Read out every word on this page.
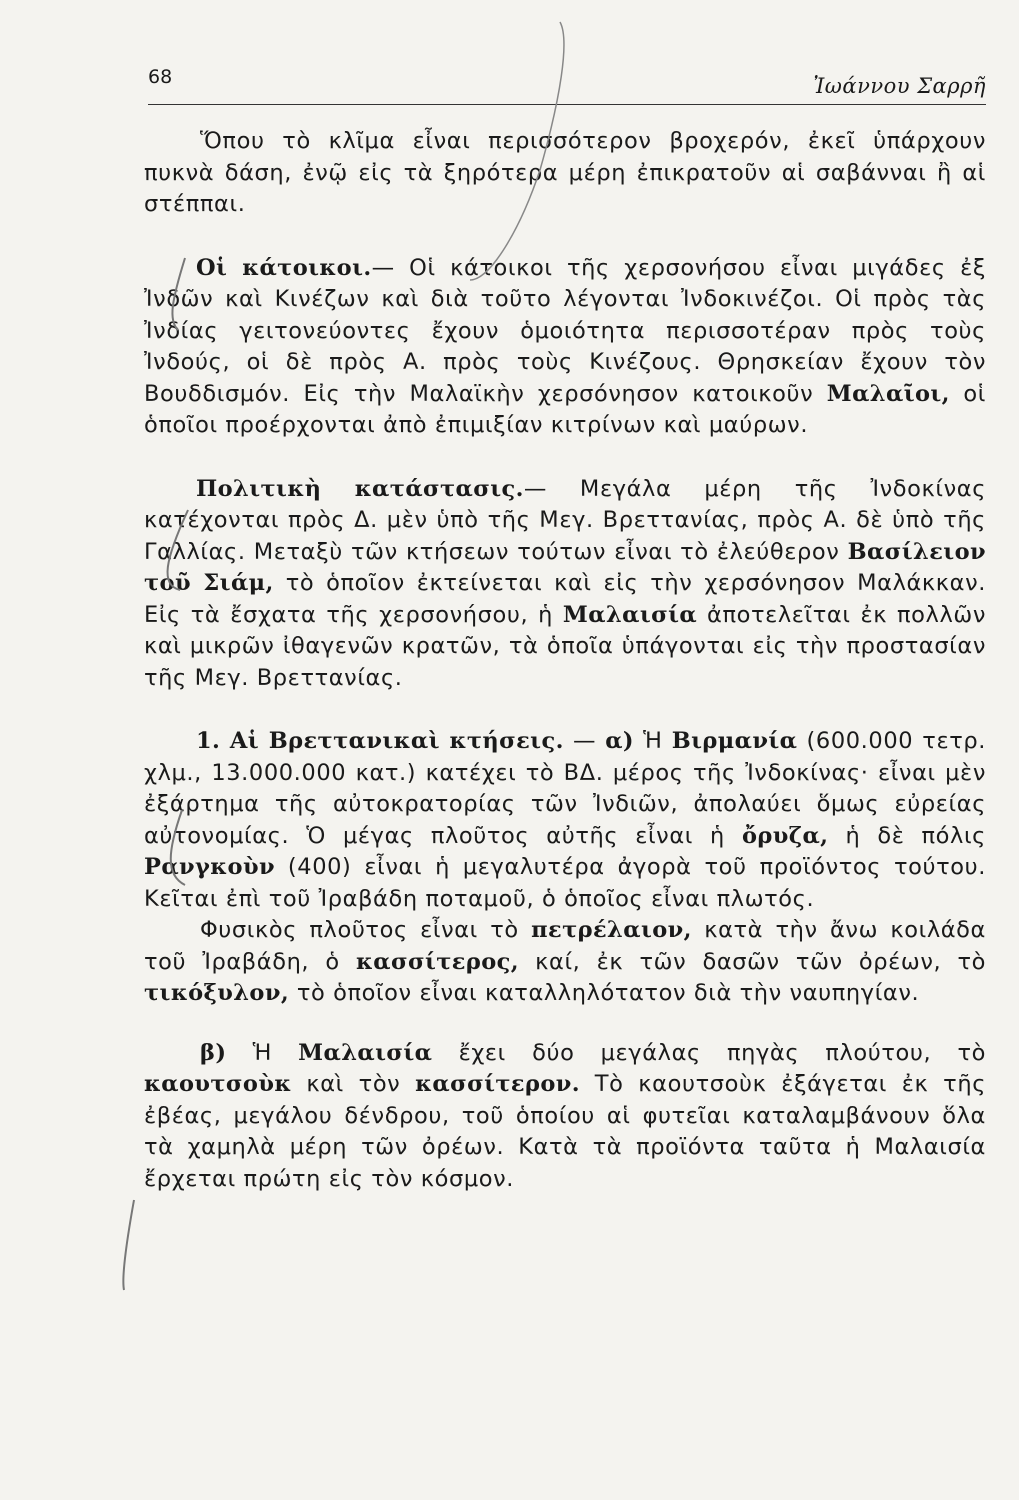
68	Ἰωάννου Σαρρῆ

Ὅπου τὸ κλῖμα εἶναι περισσότερον βροχερόν, ἐκεῖ ὑπάρχουν πυκνὰ δάση, ἐνῷ εἰς τὰ ξηρότερα μέρη ἐπικρατοῦν αἱ σαβάνναι ἢ αἱ στέππαι.

Οἱ κάτοικοι.— Οἱ κάτοικοι τῆς χερσονήσου εἶναι μιγάδες ἐξ Ἰνδῶν καὶ Κινέζων καὶ διὰ τοῦτο λέγονται Ἰνδοκινέζοι. Οἱ πρὸς τὰς Ἰνδίας γειτονεύοντες ἔχουν ὁμοιότητα περισσοτέραν πρὸς τοὺς Ἰνδούς, οἱ δὲ πρὸς Α. πρὸς τοὺς Κινέζους. Θρησκείαν ἔχουν τὸν Βουδδισμόν. Εἰς τὴν Μαλαϊκὴν χερσόνησον κατοικοῦν Μαλαῖοι, οἱ ὁποῖοι προέρχονται ἀπὸ ἐπιμιξίαν κιτρίνων καὶ μαύρων.

Πολιτικὴ κατάστασις.— Μεγάλα μέρη τῆς Ἰνδοκίνας κατέχονται πρὸς Δ. μὲν ὑπὸ τῆς Μεγ. Βρεττανίας, πρὸς Α. δὲ ὑπὸ τῆς Γαλλίας. Μεταξὺ τῶν κτήσεων τούτων εἶναι τὸ ἐλεύθερον Βασίλειον τοῦ Σιάμ, τὸ ὁποῖον ἐκτείνεται καὶ εἰς τὴν χερσόνησον Μαλάκκαν. Εἰς τὰ ἔσχατα τῆς χερσονήσου, ἡ Μαλαισία ἀποτελεῖται ἐκ πολλῶν καὶ μικρῶν ἰθαγενῶν κρατῶν, τὰ ὁποῖα ὑπάγονται εἰς τὴν προστασίαν τῆς Μεγ. Βρεττανίας.

1. Αἱ Βρεττανικαὶ κτήσεις. — α) Ἡ Βιρμανία (600.000 τετρ. χλμ., 13.000.000 κατ.) κατέχει τὸ ΒΔ. μέρος τῆς Ἰνδοκίνας· εἶναι μὲν ἐξάρτημα τῆς αὐτοκρατορίας τῶν Ἰνδιῶν, ἀπολαύει ὅμως εὐρείας αὐτονομίας. Ὁ μέγας πλοῦτος αὐτῆς εἶναι ἡ ὄρυζα, ἡ δὲ πόλις Ρανγκοὺν (400) εἶναι ἡ μεγαλυτέρα ἀγορὰ τοῦ προϊόντος τούτου. Κεῖται ἐπὶ τοῦ Ἰραβάδη ποταμοῦ, ὁ ὁποῖος εἶναι πλωτός.

Φυσικὸς πλοῦτος εἶναι τὸ πετρέλαιον, κατὰ τὴν ἄνω κοιλάδα τοῦ Ἰραβάδη, ὁ κασσίτερος, καί, ἐκ τῶν δασῶν τῶν ὀρέων, τὸ τικόξυλον, τὸ ὁποῖον εἶναι καταλληλότατον διὰ τὴν ναυπηγίαν.

β) Ἡ Μαλαισία ἔχει δύο μεγάλας πηγὰς πλούτου, τὸ καουτσοὺκ καὶ τὸν κασσίτερον. Τὸ καουτσοὺκ ἐξάγεται ἐκ τῆς ἐβέας, μεγάλου δένδρου, τοῦ ὁποίου αἱ φυτεῖαι καταλαμβάνουν ὅλα τὰ χαμηλὰ μέρη τῶν ὀρέων. Κατὰ τὰ προϊόντα ταῦτα ἡ Μαλαισία ἔρχεται πρώτη εἰς τὸν κόσμον.
